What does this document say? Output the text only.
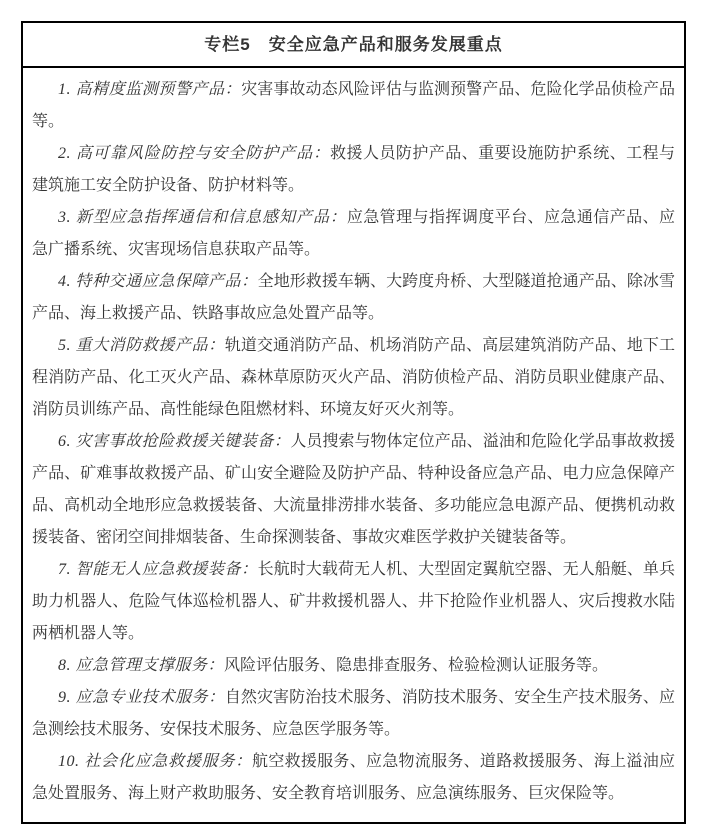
专栏5　安全应急产品和服务发展重点

1. 高精度监测预警产品：灾害事故动态风险评估与监测预警产品、危险化学品侦检产品等。

2. 高可靠风险防控与安全防护产品：救援人员防护产品、重要设施防护系统、工程与建筑施工安全防护设备、防护材料等。

3. 新型应急指挥通信和信息感知产品：应急管理与指挥调度平台、应急通信产品、应急广播系统、灾害现场信息获取产品等。

4. 特种交通应急保障产品：全地形救援车辆、大跨度舟桥、大型隧道抢通产品、除冰雪产品、海上救援产品、铁路事故应急处置产品等。

5. 重大消防救援产品：轨道交通消防产品、机场消防产品、高层建筑消防产品、地下工程消防产品、化工灭火产品、森林草原防灭火产品、消防侦检产品、消防员职业健康产品、消防员训练产品、高性能绿色阻燃材料、环境友好灭火剂等。

6. 灾害事故抢险救援关键装备：人员搜索与物体定位产品、溢油和危险化学品事故救援产品、矿难事故救援产品、矿山安全避险及防护产品、特种设备应急产品、电力应急保障产品、高机动全地形应急救援装备、大流量排涝排水装备、多功能应急电源产品、便携机动救援装备、密闭空间排烟装备、生命探测装备、事故灾难医学救护关键装备等。

7. 智能无人应急救援装备：长航时大载荷无人机、大型固定翼航空器、无人船艇、单兵助力机器人、危险气体巡检机器人、矿井救援机器人、井下抢险作业机器人、灾后搜救水陆两栖机器人等。

8. 应急管理支撑服务：风险评估服务、隐患排查服务、检验检测认证服务等。

9. 应急专业技术服务：自然灾害防治技术服务、消防技术服务、安全生产技术服务、应急测绘技术服务、安保技术服务、应急医学服务等。

10. 社会化应急救援服务：航空救援服务、应急物流服务、道路救援服务、海上溢油应急处置服务、海上财产救助服务、安全教育培训服务、应急演练服务、巨灾保险等。
